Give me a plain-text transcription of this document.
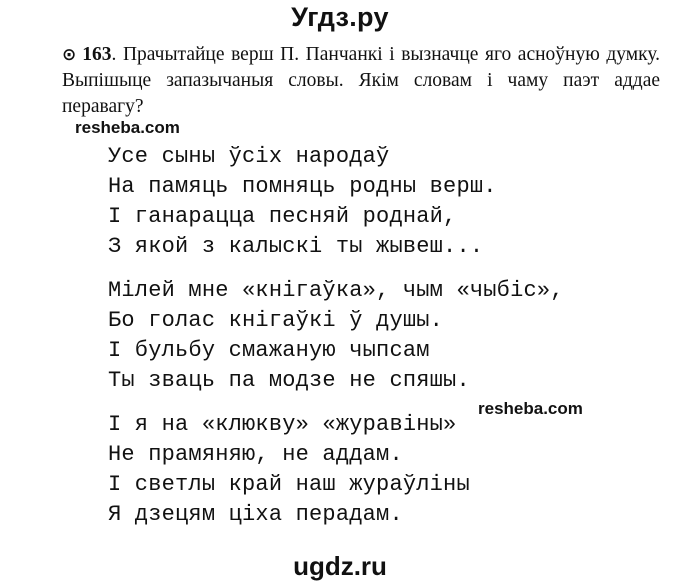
Угдз.ру
⊙ 163. Прачытайце верш П. Панчанкі і вызначце яго асноўную думку. Выпішыце запазычаныя словы. Якім словам і чаму паэт аддае перавагу?
Усе сыны ўсіх народаў
На памяць помняць родны верш.
І ганарацца песняй роднай,
З якой з калыскі ты жывеш...
Мілей мне «кнігаўка», чым «чыбіс»,
Бо голас кнігаўкі ў душы.
І бульбу смажаную чыпсам
Ты зваць па модзе не спяшы.
І я на «клюкву» «журавіны»
Не прамяняю, не аддам.
І светлы край наш жураўліны
Я дзецям ціха перадам.
resheba.com
resheba.com
ugdz.ru
